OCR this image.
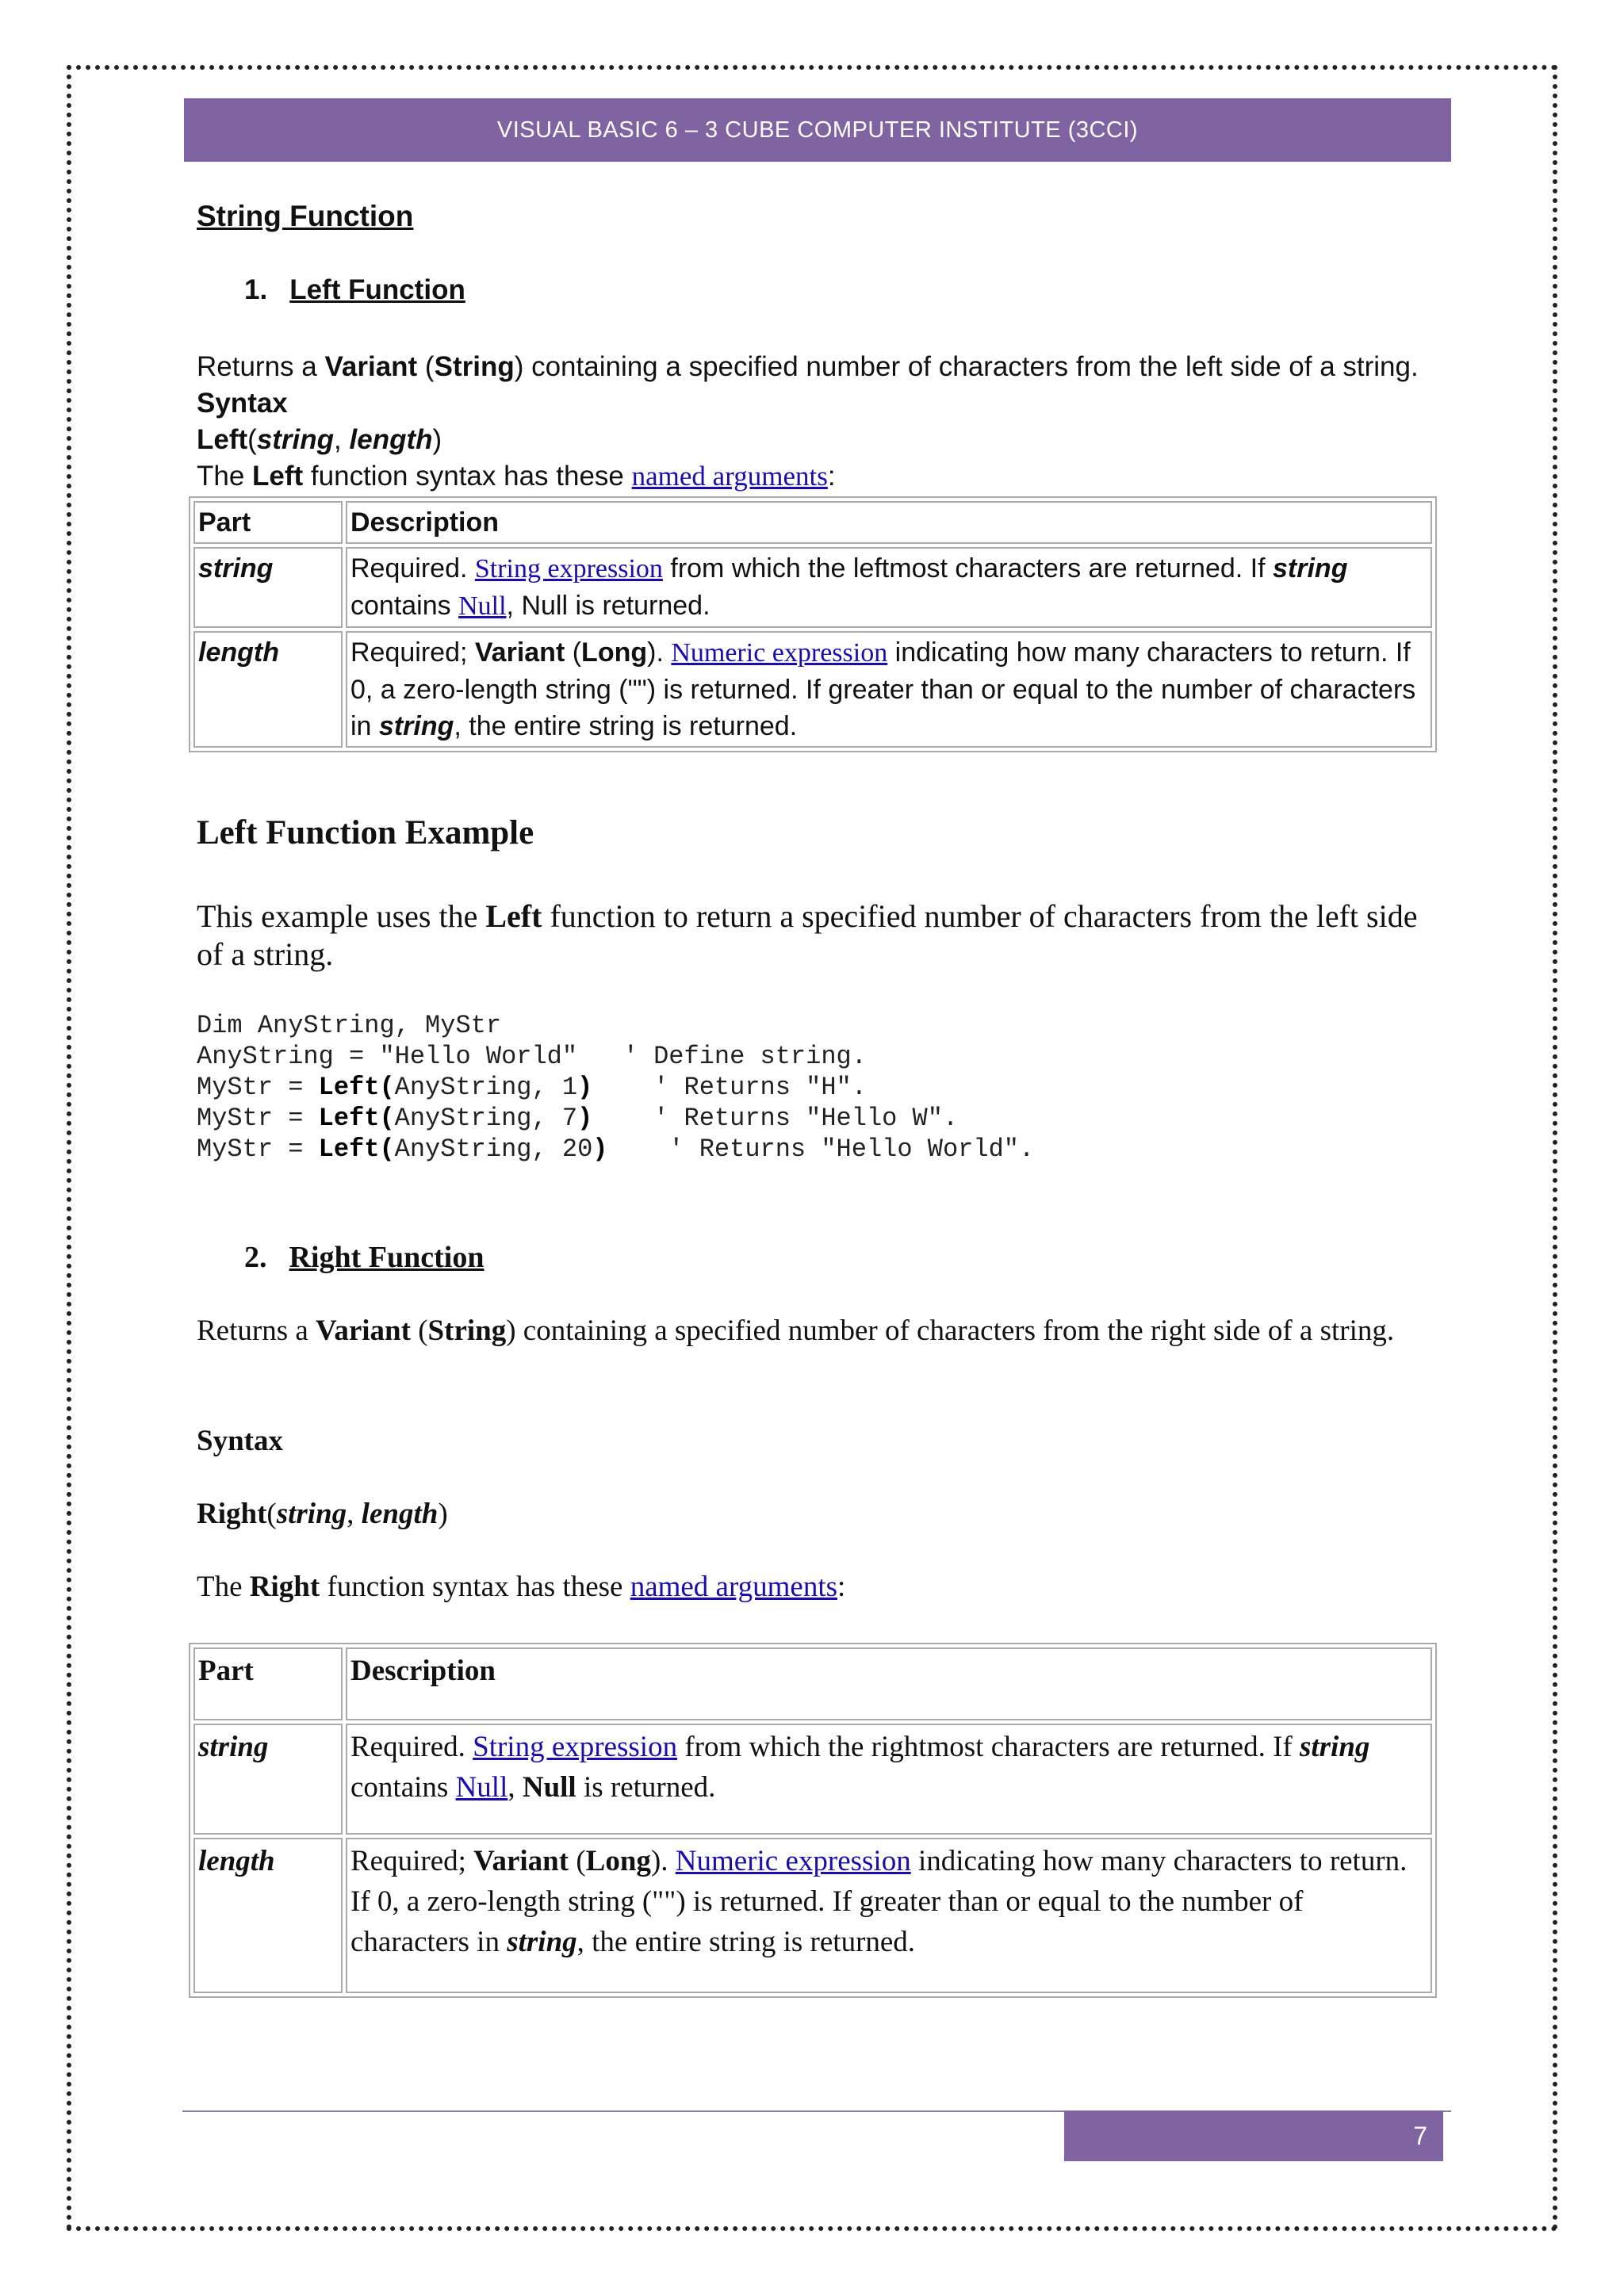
VISUAL BASIC 6 – 3 CUBE COMPUTER INSTITUTE (3CCI)
String Function
1. Left Function
Returns a Variant (String) containing a specified number of characters from the left side of a string.
Syntax
Left(string, length)
The Left function syntax has these named arguments:
Part	Description
string	Required. String expression from which the leftmost characters are returned. If string contains Null, Null is returned.
length	Required; Variant (Long). Numeric expression indicating how many characters to return. If 0, a zero-length string ("") is returned. If greater than or equal to the number of characters in string, the entire string is returned.
Left Function Example
This example uses the Left function to return a specified number of characters from the left side of a string.
Dim AnyString, MyStr
AnyString = "Hello World"   ' Define string.
MyStr = Left(AnyString, 1)    ' Returns "H".
MyStr = Left(AnyString, 7)    ' Returns "Hello W".
MyStr = Left(AnyString, 20)    ' Returns "Hello World".
2. Right Function
Returns a Variant (String) containing a specified number of characters from the right side of a string.
Syntax
Right(string, length)
The Right function syntax has these named arguments:
Part	Description
string	Required. String expression from which the rightmost characters are returned. If string contains Null, Null is returned.
length	Required; Variant (Long). Numeric expression indicating how many characters to return. If 0, a zero-length string ("") is returned. If greater than or equal to the number of characters in string, the entire string is returned.
7
